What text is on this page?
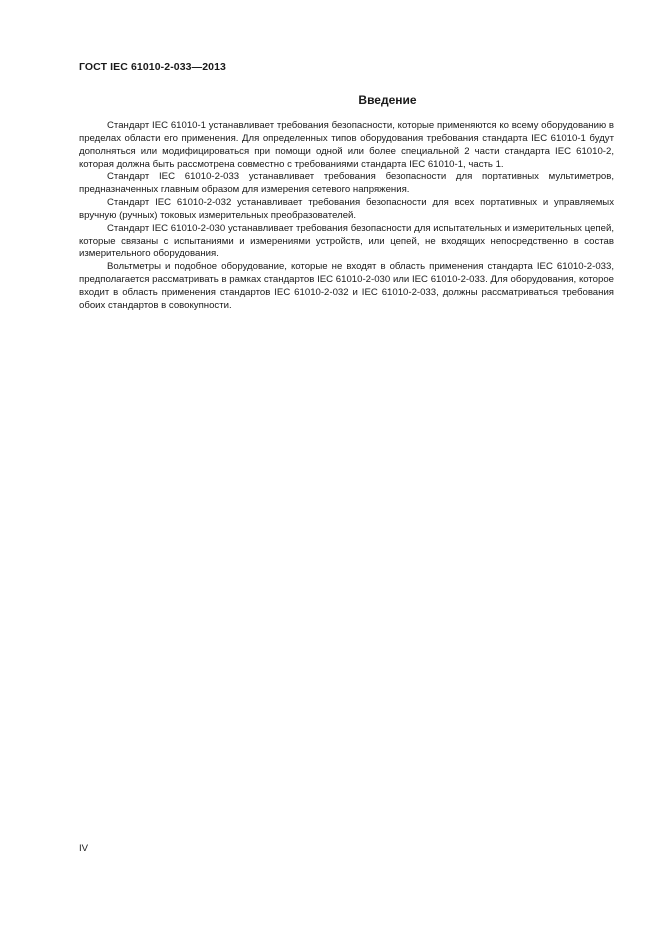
ГОСТ IEC 61010-2-033—2013
Введение

Стандарт IEC 61010-1 устанавливает требования безопасности, которые применяются ко всему оборудованию в пределах области его применения. Для определенных типов оборудования требования стандарта IEC 61010-1 будут дополняться или модифицироваться при помощи одной или более специальной 2 части стандарта IEC 61010-2, которая должна быть рассмотрена совместно с требованиями стандарта IEC 61010-1, часть 1.

Стандарт IEC 61010-2-033 устанавливает требования безопасности для портативных мультиметров, предназначенных главным образом для измерения сетевого напряжения.

Стандарт IEC 61010-2-032 устанавливает требования безопасности для всех портативных и управляемых вручную (ручных) токовых измерительных преобразователей.

Стандарт IEC 61010-2-030 устанавливает требования безопасности для испытательных и измерительных цепей, которые связаны с испытаниями и измерениями устройств, или цепей, не входящих непосредственно в состав измерительного оборудования.

Вольтметры и подобное оборудование, которые не входят в область применения стандарта IEC 61010-2-033, предполагается рассматривать в рамках стандартов IEC 61010-2-030 или IEC 61010-2-033. Для оборудования, которое входит в область применения стандартов IEC 61010-2-032 и IEC 61010-2-033, должны рассматриваться требования обоих стандартов в совокупности.

IV
